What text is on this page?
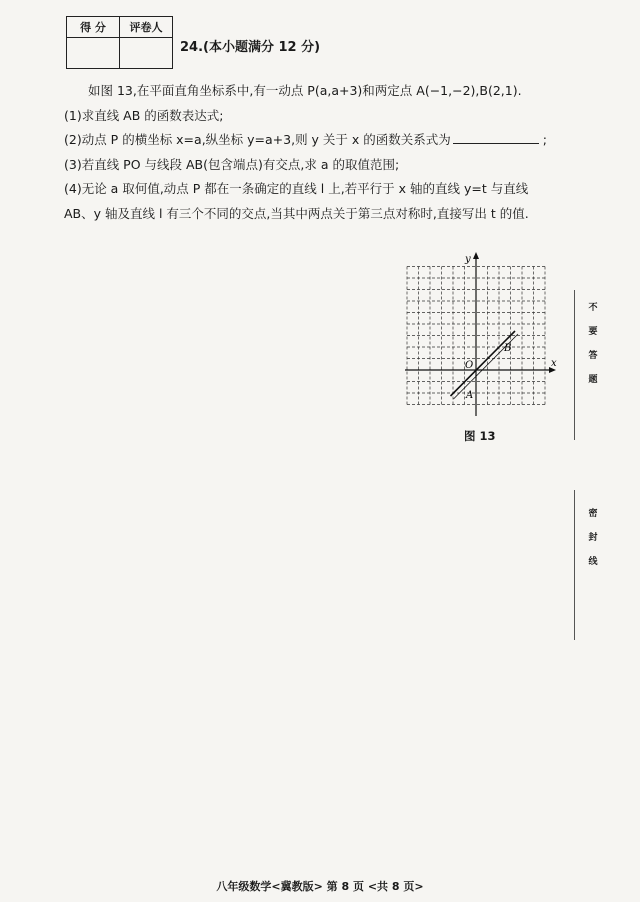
得 分	评卷人

24.(本小题满分 12 分)

如图 13,在平面直角坐标系中,有一动点 P(a,a+3)和两定点 A(−1,−2),B(2,1).

(1)求直线 AB 的函数表达式;

(2)动点 P 的横坐标 x=a,纵坐标 y=a+3,则 y 关于 x 的函数关系式为	;

(3)若直线 PO 与线段 AB(包含端点)有交点,求 a 的取值范围;

(4)无论 a 取何值,动点 P 都在一条确定的直线 l 上,若平行于 x 轴的直线 y=t 与直线

AB、y 轴及直线 l 有三个不同的交点,当其中两点关于第三点对称时,直接写出 t 的值.

y
x
O
A
B
图 13
不
要
答
题
密
封
线
八年级数学<冀教版> 第 8 页 <共 8 页>
